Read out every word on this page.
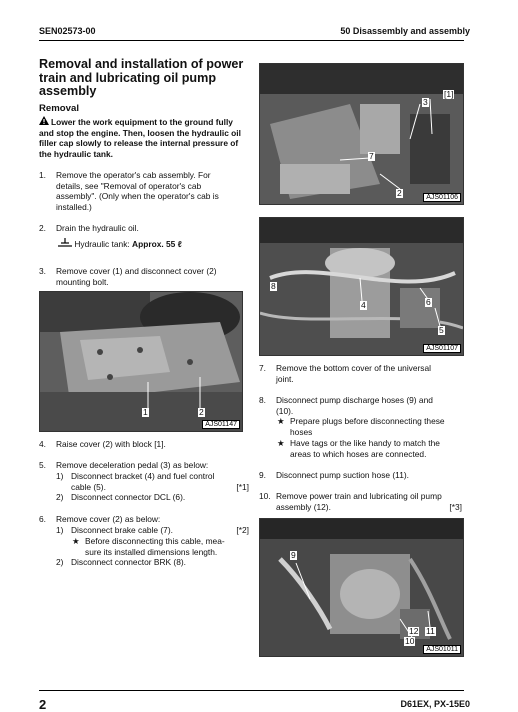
SEN02573-00	50 Disassembly and assembly
Removal and installation of power train and lubricating oil pump assembly
Removal
Lower the work equipment to the ground fully and stop the engine. Then, loosen the hydraulic oil filler cap slowly to release the internal pressure of the hydraulic tank.
1. Remove the operator's cab assembly. For
details, see "Removal of operator's cab
assembly". (Only when the operator's cab is
installed.)
2. Drain the hydraulic oil.
Hydraulic tank: Approx. 55 ℓ
3. Remove cover (1) and disconnect cover (2)
mounting bolt.
1	2
AJS01147
4. Raise cover (2) with block [1].
5. Remove deceleration pedal (3) as below:
1) Disconnect bracket (4) and fuel control
cable (5).	[*1]
2) Disconnect connector DCL (6).
6. Remove cover (2) as below:
1) Disconnect brake cable (7).	[*2]
★ Before disconnecting this cable, mea-
sure its installed dimensions length.
2) Disconnect connector BRK (8).
3
[1]
7
2	AJS01106
8
4	6
5
AJS01107
7. Remove the bottom cover of the universal
joint.
8. Disconnect pump discharge hoses (9) and
(10).
★ Prepare plugs before disconnecting these
hoses
★ Have tags or the like handy to match the
areas to which hoses are connected.
9. Disconnect pump suction hose (11).
10. Remove power train and lubricating oil pump
assembly (12).	[*3]
9
10
12 11
AJS01011
2	D61EX, PX-15E0
